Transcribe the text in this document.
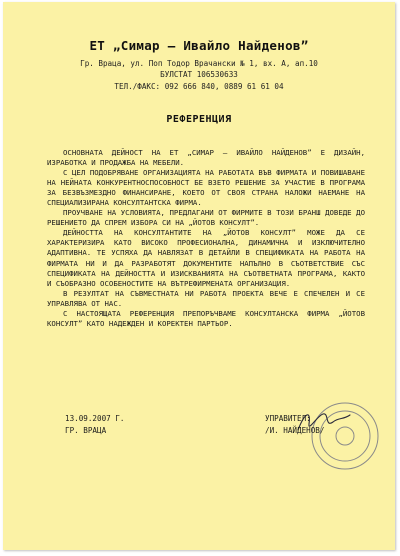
ЕТ „Симар – Ивайло Найденов”
Гр. Враца, ул. Поп Тодор Врачански № 1, вх. А, ап.10
БУЛСТАТ 106530633
ТЕЛ./ФАКС: 092 666 840, 0889 61 61 04
РЕФЕРЕНЦИЯ

ОСНОВНАТА ДЕЙНОСТ НА ЕТ „СИМАР – ИВАЙЛО НАЙДЕНОВ” Е ДИЗАЙН, ИЗРАБОТКА И ПРОДАЖБА НА МЕБЕЛИ.

С ЦЕЛ ПОДОБРЯВАНЕ ОРГАНИЗАЦИЯТА НА РАБОТАТА ВЪВ ФИРМАТА И ПОВИШАВАНЕ НА НЕЙНАТА КОНКУРЕНТНОСПОСОБНОСТ БЕ ВЗЕТО РЕШЕНИЕ ЗА УЧАСТИЕ В ПРОГРАМА ЗА БЕЗВЪЗМЕЗДНО ФИНАНСИРАНЕ, КОЕТО ОТ СВОЯ СТРАНА НАЛОЖИ НАЕМАНЕ НА СПЕЦИАЛИЗИРАНА КОНСУЛТАНТСКА ФИРМА.

ПРОУЧВАНЕ НА УСЛОВИЯТА, ПРЕДЛАГАНИ ОТ ФИРМИТЕ В ТОЗИ БРАНШ ДОВЕДЕ ДО РЕШЕНИЕТО ДА СПРЕМ ИЗБОРА СИ НА „ЙОТОВ КОНСУЛТ”.

ДЕЙНОСТТА НА КОНСУЛТАНТИТЕ НА „ЙОТОВ КОНСУЛТ” МОЖЕ ДА СЕ ХАРАКТЕРИЗИРА КАТО ВИСОКО ПРОФЕСИОНАЛНА, ДИНАМИЧНА И ИЗКЛЮЧИТЕЛНО АДАПТИВНА. ТЕ УСПЯХА ДА НАВЛЯЗАТ В ДЕТАЙЛИ В СПЕЦИФИКАТА НА РАБОТА НА ФИРМАТА НИ И ДА РАЗРАБОТЯТ ДОКУМЕНТИТЕ НАПЪЛНО В СЪОТВЕТСТВИЕ СЪС СПЕЦИФИКАТА НА ДЕЙНОСТТА И ИЗИСКВАНИЯТА НА СЪОТВЕТНАТА ПРОГРАМА, КАКТО И СЪОБРАЗНО ОСОБЕНОСТИТЕ НА ВЪТРЕФИРМЕНАТА ОРГАНИЗАЦИЯ.

В РЕЗУЛТАТ НА СЪВМЕСТНАТА НИ РАБОТА ПРОЕКТА ВЕЧЕ Е СПЕЧЕЛЕН И СЕ УПРАВЛЯВА ОТ НАС.

С НАСТОЯЩАТА РЕФЕРЕНЦИЯ ПРЕПОРЪЧВАМЕ КОНСУЛТАНСКА ФИРМА „ЙОТОВ КОНСУЛТ” КАТО НАДЕЖДЕН И КОРЕКТЕН ПАРТЬОР.

13.09.2007 Г.
ГР. ВРАЦА
УПРАВИТЕЛ:
/И. НАЙДЕНОВ/
